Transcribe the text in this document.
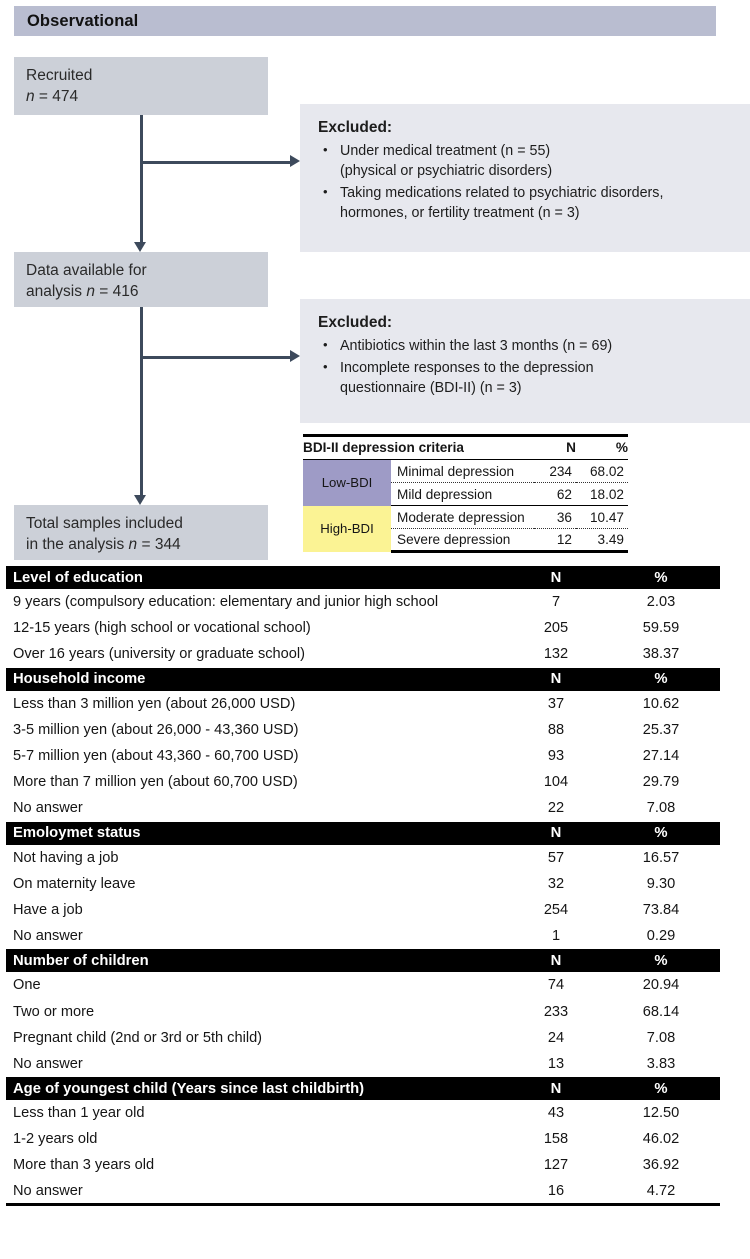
Observational
Recruited
n = 474
Data available for
analysis n = 416
Total samples included
in the analysis n = 344
Excluded:
• Under medical treatment (n = 55)
(physical or psychiatric disorders)
• Taking medications related to psychiatric disorders,
hormones, or fertility treatment (n = 3)
Excluded:
• Antibiotics within the last 3 months (n = 69)
• Incomplete responses to the depression
questionnaire (BDI-II) (n = 3)
BDI-II depression criteria		N	%
Low-BDI	Minimal depression	234	68.02
	Mild depression	62	18.02
High-BDI	Moderate depression	36	10.47
	Severe depression	12	3.49
Level of education	N	%
9 years (compulsory education: elementary and junior high school	7	2.03
12-15 years (high school or vocational school)	205	59.59
Over 16 years (university or graduate school)	132	38.37
Household income	N	%
Less than 3 million yen (about 26,000 USD)	37	10.62
3-5 million yen (about 26,000 - 43,360 USD)	88	25.37
5-7 million yen (about 43,360 - 60,700 USD)	93	27.14
More than 7 million yen (about 60,700 USD)	104	29.79
No answer	22	7.08
Emoloymet status	N	%
Not having a job	57	16.57
On maternity leave	32	9.30
Have a job	254	73.84
No answer	1	0.29
Number of children	N	%
One	74	20.94
Two or more	233	68.14
Pregnant child (2nd or 3rd or 5th child)	24	7.08
No answer	13	3.83
Age of youngest child (Years since last childbirth)	N	%
Less than 1 year old	43	12.50
1-2 years old	158	46.02
More than 3 years old	127	36.92
No answer	16	4.72
